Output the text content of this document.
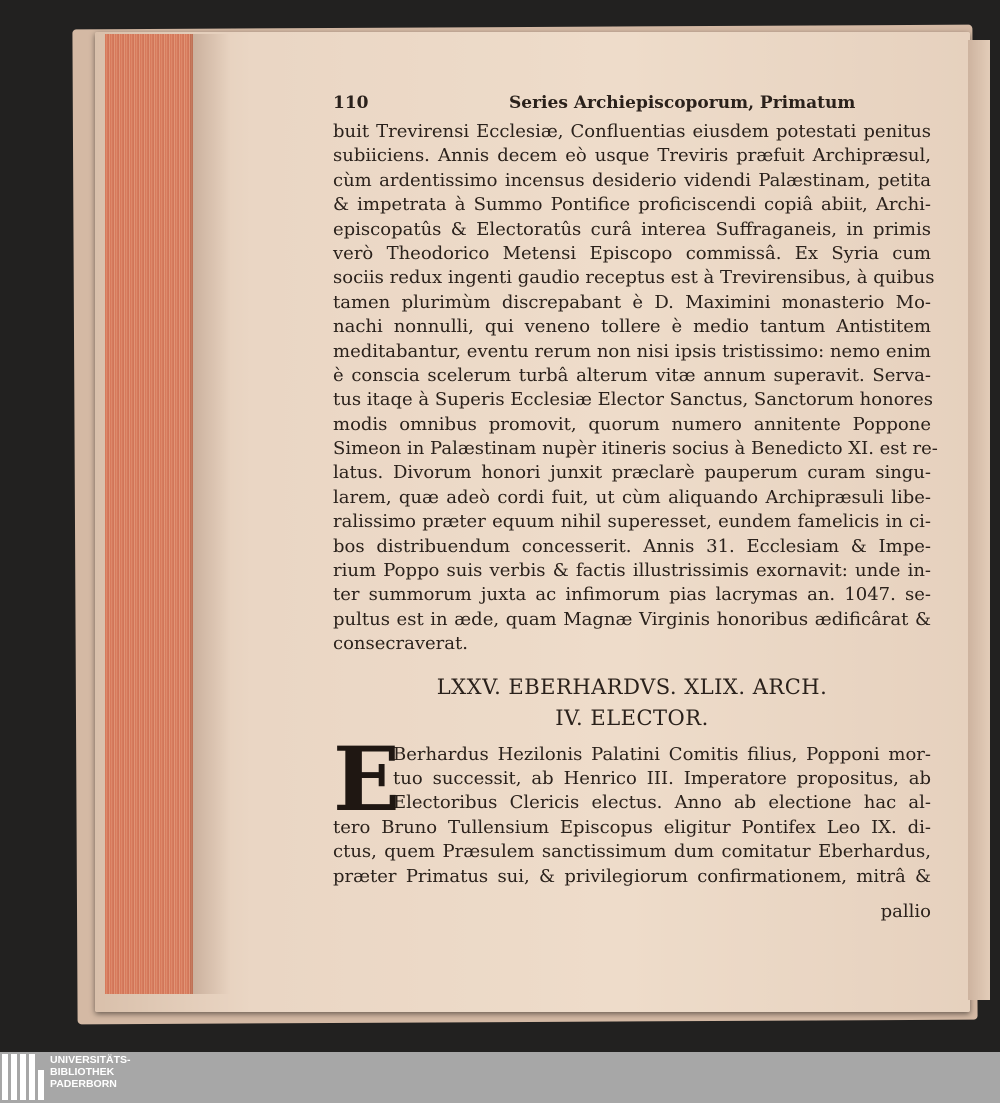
110	Series Archiepiscoporum, Primatum
buit Trevirensi Ecclesiæ, Confluentias eiusdem potestati penitus
subiiciens. Annis decem eò usque Treviris præfuit Archipræsul,
cùm ardentissimo incensus desiderio videndi Palæstinam, petita
& impetrata à Summo Pontifice proficiscendi copiâ abiit, Archi-
episcopatûs & Electoratûs curâ interea Suffraganeis, in primis
verò Theodorico Metensi Episcopo commissâ. Ex Syria cum
sociis redux ingenti gaudio receptus est à Trevirensibus, à quibus
tamen plurimùm discrepabant è D. Maximini monasterio Mo-
nachi nonnulli, qui veneno tollere è medio tantum Antistitem
meditabantur, eventu rerum non nisi ipsis tristissimo: nemo enim
è conscia scelerum turbâ alterum vitæ annum superavit. Serva-
tus itaqe à Superis Ecclesiæ Elector Sanctus, Sanctorum honores
modis omnibus promovit, quorum numero annitente Poppone
Simeon in Palæstinam nupèr itineris socius à Benedicto XI. est re-
latus. Divorum honori junxit præclarè pauperum curam singu-
larem, quæ adeò cordi fuit, ut cùm aliquando Archipræsuli libe-
ralissimo præter equum nihil superesset, eundem famelicis in ci-
bos distribuendum concesserit. Annis 31. Ecclesiam & Impe-
rium Poppo suis verbis & factis illustrissimis exornavit: unde in-
ter summorum juxta ac infimorum pias lacrymas an. 1047. se-
pultus est in æde, quam Magnæ Virginis honoribus ædificârat &
consecraverat.
LXXV. EBERHARDVS. XLIX. ARCH.
IV. ELECTOR.
E
Berhardus Hezilonis Palatini Comitis filius, Popponi mor-
tuo successit, ab Henrico III. Imperatore propositus, ab
Electoribus Clericis electus. Anno ab electione hac al-
tero Bruno Tullensium Episcopus eligitur Pontifex Leo IX. di-
ctus, quem Præsulem sanctissimum dum comitatur Eberhardus,
præter Primatus sui, & privilegiorum confirmationem, mitrâ &
pallio
UNIVERSITÄTS-
BIBLIOTHEK
PADERBORN
